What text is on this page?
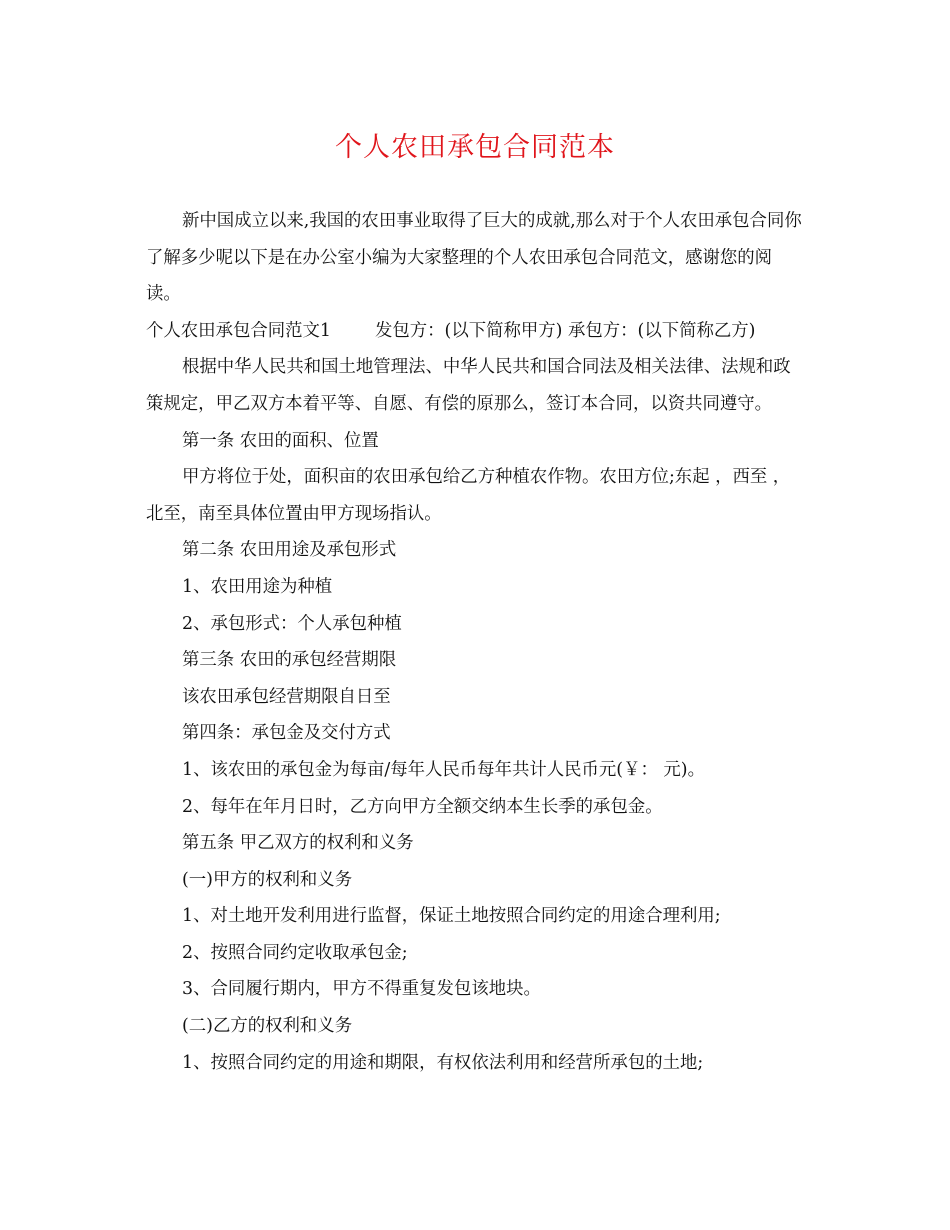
个人农田承包合同范本

新中国成立以来,我国的农田事业取得了巨大的成就,那么对于个人农田承包合同你了解多少呢以下是在办公室小编为大家整理的个人农田承包合同范文，感谢您的阅读。

个人农田承包合同范文1	发包方：(以下简称甲方) 承包方：(以下简称乙方)

根据中华人民共和国土地管理法、中华人民共和国合同法及相关法律、法规和政策规定，甲乙双方本着平等、自愿、有偿的原那么，签订本合同，以资共同遵守。

第一条 农田的面积、位置

甲方将位于处，面积亩的农田承包给乙方种植农作物。农田方位;东起 ，西至 ，北至，南至具体位置由甲方现场指认。

第二条 农田用途及承包形式

1、农田用途为种植

2、承包形式：个人承包种植

第三条 农田的承包经营期限

该农田承包经营期限自日至

第四条：承包金及交付方式

1、该农田的承包金为每亩/每年人民币每年共计人民币元(￥： 元)。

2、每年在年月日时，乙方向甲方全额交纳本生长季的承包金。

第五条 甲乙双方的权利和义务

(一)甲方的权利和义务

1、对土地开发利用进行监督，保证土地按照合同约定的用途合理利用;

2、按照合同约定收取承包金;

3、合同履行期内，甲方不得重复发包该地块。

(二)乙方的权利和义务

1、按照合同约定的用途和期限，有权依法利用和经营所承包的土地;
